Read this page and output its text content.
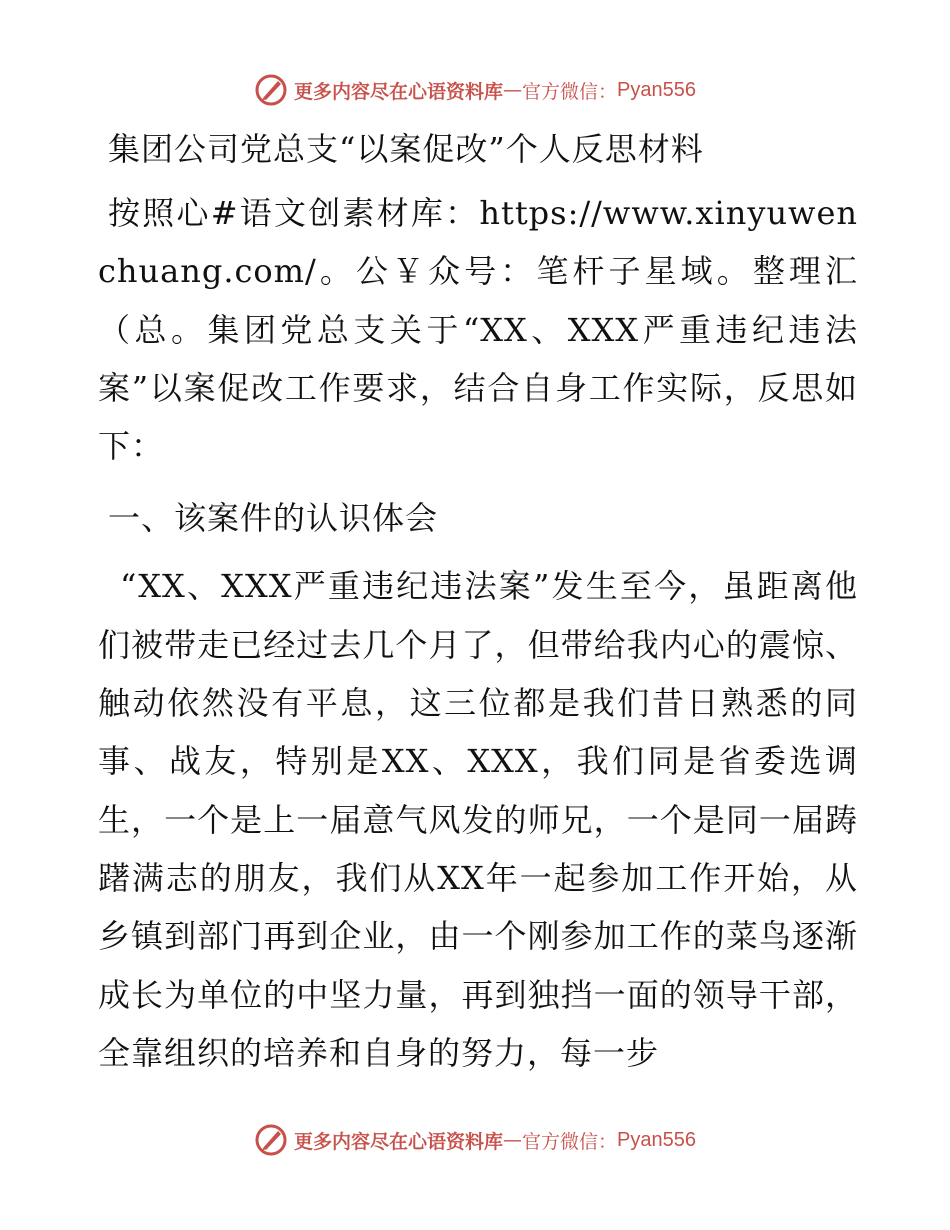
更多内容尽在心语资料库 — 官方微信： Pyan556
集团公司党总支“以案促改”个人反思材料

按照心#语文创素材库：https://www.xinyuwenchuang.com/。公￥众号：笔杆子星域。整理汇（总。集团党总支关于“XX、XXX严重违纪违法案”以案促改工作要求，结合自身工作实际，反思如下：

一、该案件的认识体会

“XX、XXX严重违纪违法案”发生至今，虽距离他们被带走已经过去几个月了，但带给我内心的震惊、触动依然没有平息，这三位都是我们昔日熟悉的同事、战友，特别是XX、XXX，我们同是省委选调生，一个是上一届意气风发的师兄，一个是同一届踌躇满志的朋友，我们从XX年一起参加工作开始，从乡镇到部门再到企业，由一个刚参加工作的菜鸟逐渐成长为单位的中坚力量，再到独挡一面的领导干部，全靠组织的培养和自身的努力，每一步

更多内容尽在心语资料库 — 官方微信： Pyan556
